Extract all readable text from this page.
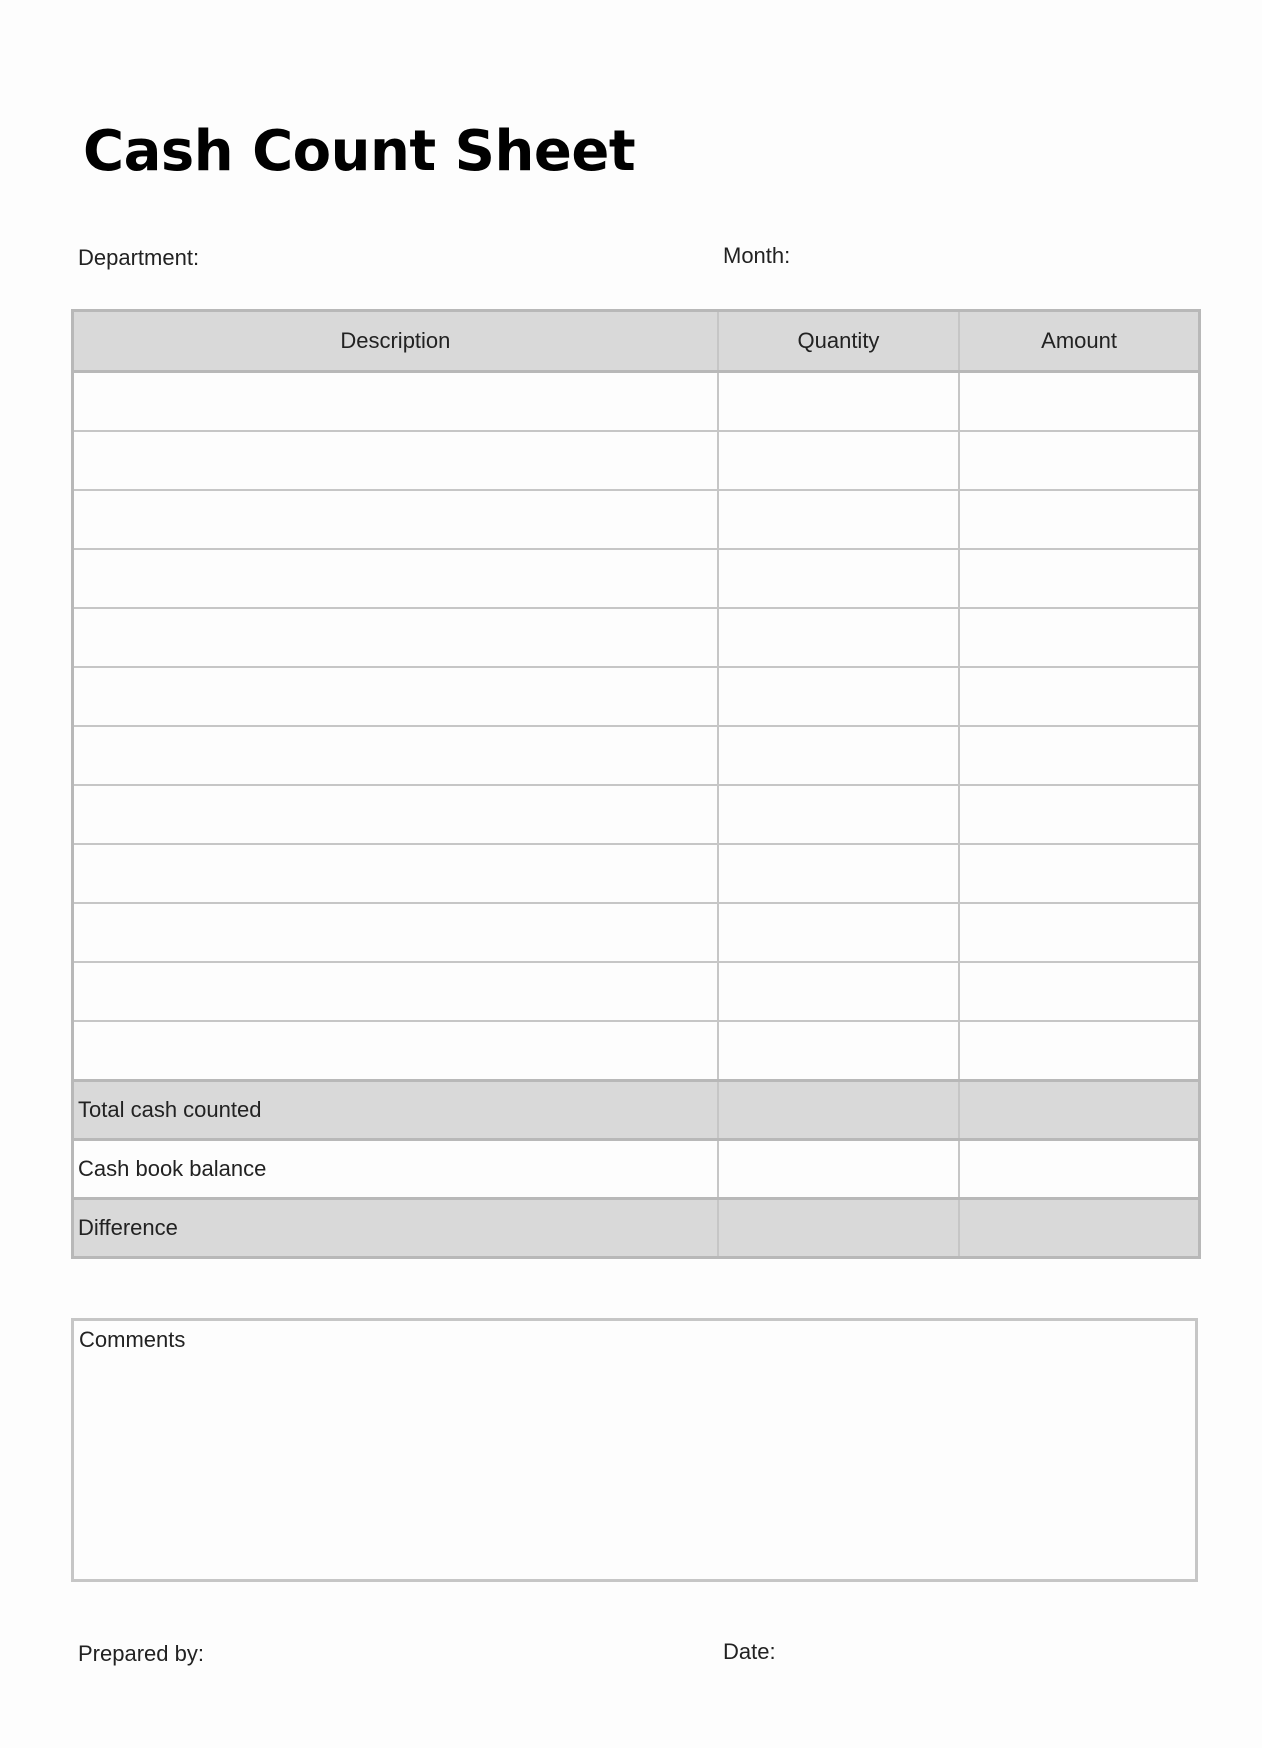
Cash Count Sheet
Department:	Month:
Description	Quantity	Amount

Total cash counted		
Cash book balance		
Difference		
Comments
Prepared by:	Date:
